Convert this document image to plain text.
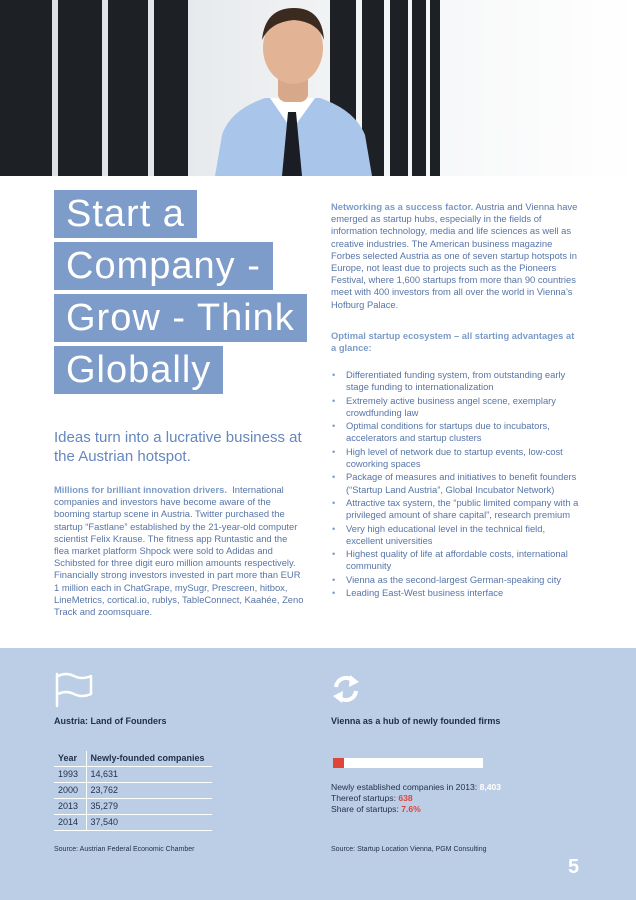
Start a
Company -
Grow - Think
Globally
Ideas turn into a lucrative business at the Austrian hotspot.

Millions for brilliant innovation drivers. International companies and investors have become aware of the booming startup scene in Austria. Twitter purchased the startup “Fastlane” established by the 21-year-old computer scientist Felix Krause. The fitness app Runtastic and the flea market platform Shpock were sold to Adidas and Schibsted for three digit euro million amounts respectively. Financially strong investors invested in part more than EUR 1 million each in ChatGrape, mySugr, Prescreen, hitbox, LineMetrics, cortical.io, rublys, TableConnect, Kaahée, Zeno Track and zoomsquare.

Networking as a success factor. Austria and Vienna have emerged as startup hubs, especially in the fields of information technology, media and life sciences as well as creative industries. The American business magazine Forbes selected Austria as one of seven startup hotspots in Europe, not least due to projects such as the Pioneers Festival, where 1,600 startups from more than 90 countries meet with 400 investors from all over the world in Vienna’s Hofburg Palace.

Optimal startup ecosystem – all starting advantages at a glance:
• Differentiated funding system, from outstanding early stage funding to internationalization
• Extremely active business angel scene, exemplary crowdfunding law
• Optimal conditions for startups due to incubators, accelerators and startup clusters
• High level of network due to startup events, low-cost coworking spaces
• Package of measures and initiatives to benefit founders (“Startup Land Austria”, Global Incubator Network)
• Attractive tax system, the “public limited company with a privileged amount of share capital”, research premium
• Very high educational level in the technical field, excellent universities
• Highest quality of life at affordable costs, international community
• Vienna as the second-largest German-speaking city
• Leading East-West business interface
Austria: Land of Founders	Vienna as a hub of newly founded firms
Year	Newly-founded companies
1993	14,631
2000	23,762
2013	35,279
2014	37,540
Newly established companies in 2013: 8,403
Thereof startups: 638
Share of startups: 7.6%
Source: Austrian Federal Economic Chamber	Source: Startup Location Vienna, PGM Consulting
5
